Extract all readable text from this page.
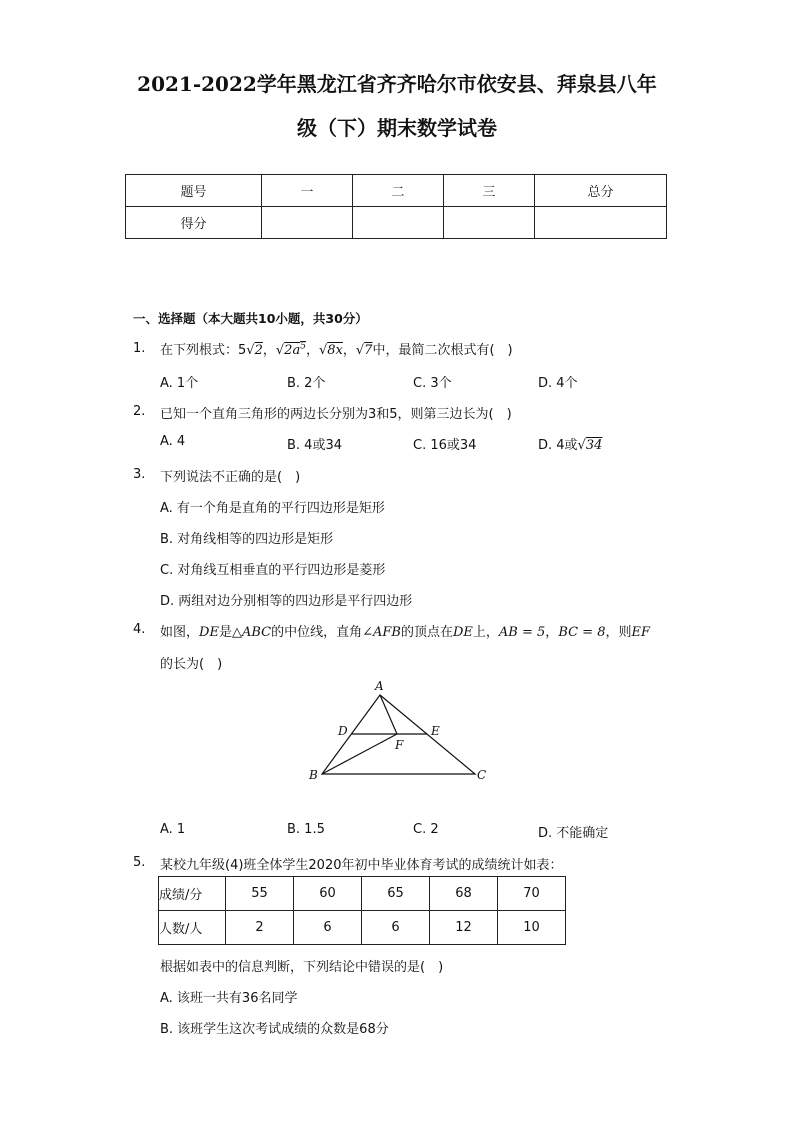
2021-2022学年黑龙江省齐齐哈尔市依安县、拜泉县八年
级（下）期末数学试卷
题号	一	二	三	总分
得分				
一、选择题（本大题共10小题，共30分）
1. 在下列根式：5√2，$√2a^5$，√8x，√7中，最简二次根式有(　)
A. 1个	B. 2个	C. 3个	D. 4个
2. 已知一个直角三角形的两边长分别为3和5，则第三边长为(　)
A. 4	B. 4或34	C. 16或34	D. 4或√34
3. 下列说法不正确的是(　)
A. 有一个角是直角的平行四边形是矩形
B. 对角线相等的四边形是矩形
C. 对角线互相垂直的平行四边形是菱形
D. 两组对边分别相等的四边形是平行四边形
4. 如图，DE是△ABC的中位线，直角∠AFB的顶点在DE上，AB = 5，BC = 8，则EF
的长为(　)
A
B	C
D	E
F
A. 1	B. 1.5	C. 2	D. 不能确定
5. 某校九年级(4)班全体学生2020年初中毕业体育考试的成绩统计如表：
成绩/分	55	60	65	68	70
人数/人	2	6	6	12	10
根据如表中的信息判断，下列结论中错误的是(　)
A. 该班一共有36名同学
B. 该班学生这次考试成绩的众数是68分
